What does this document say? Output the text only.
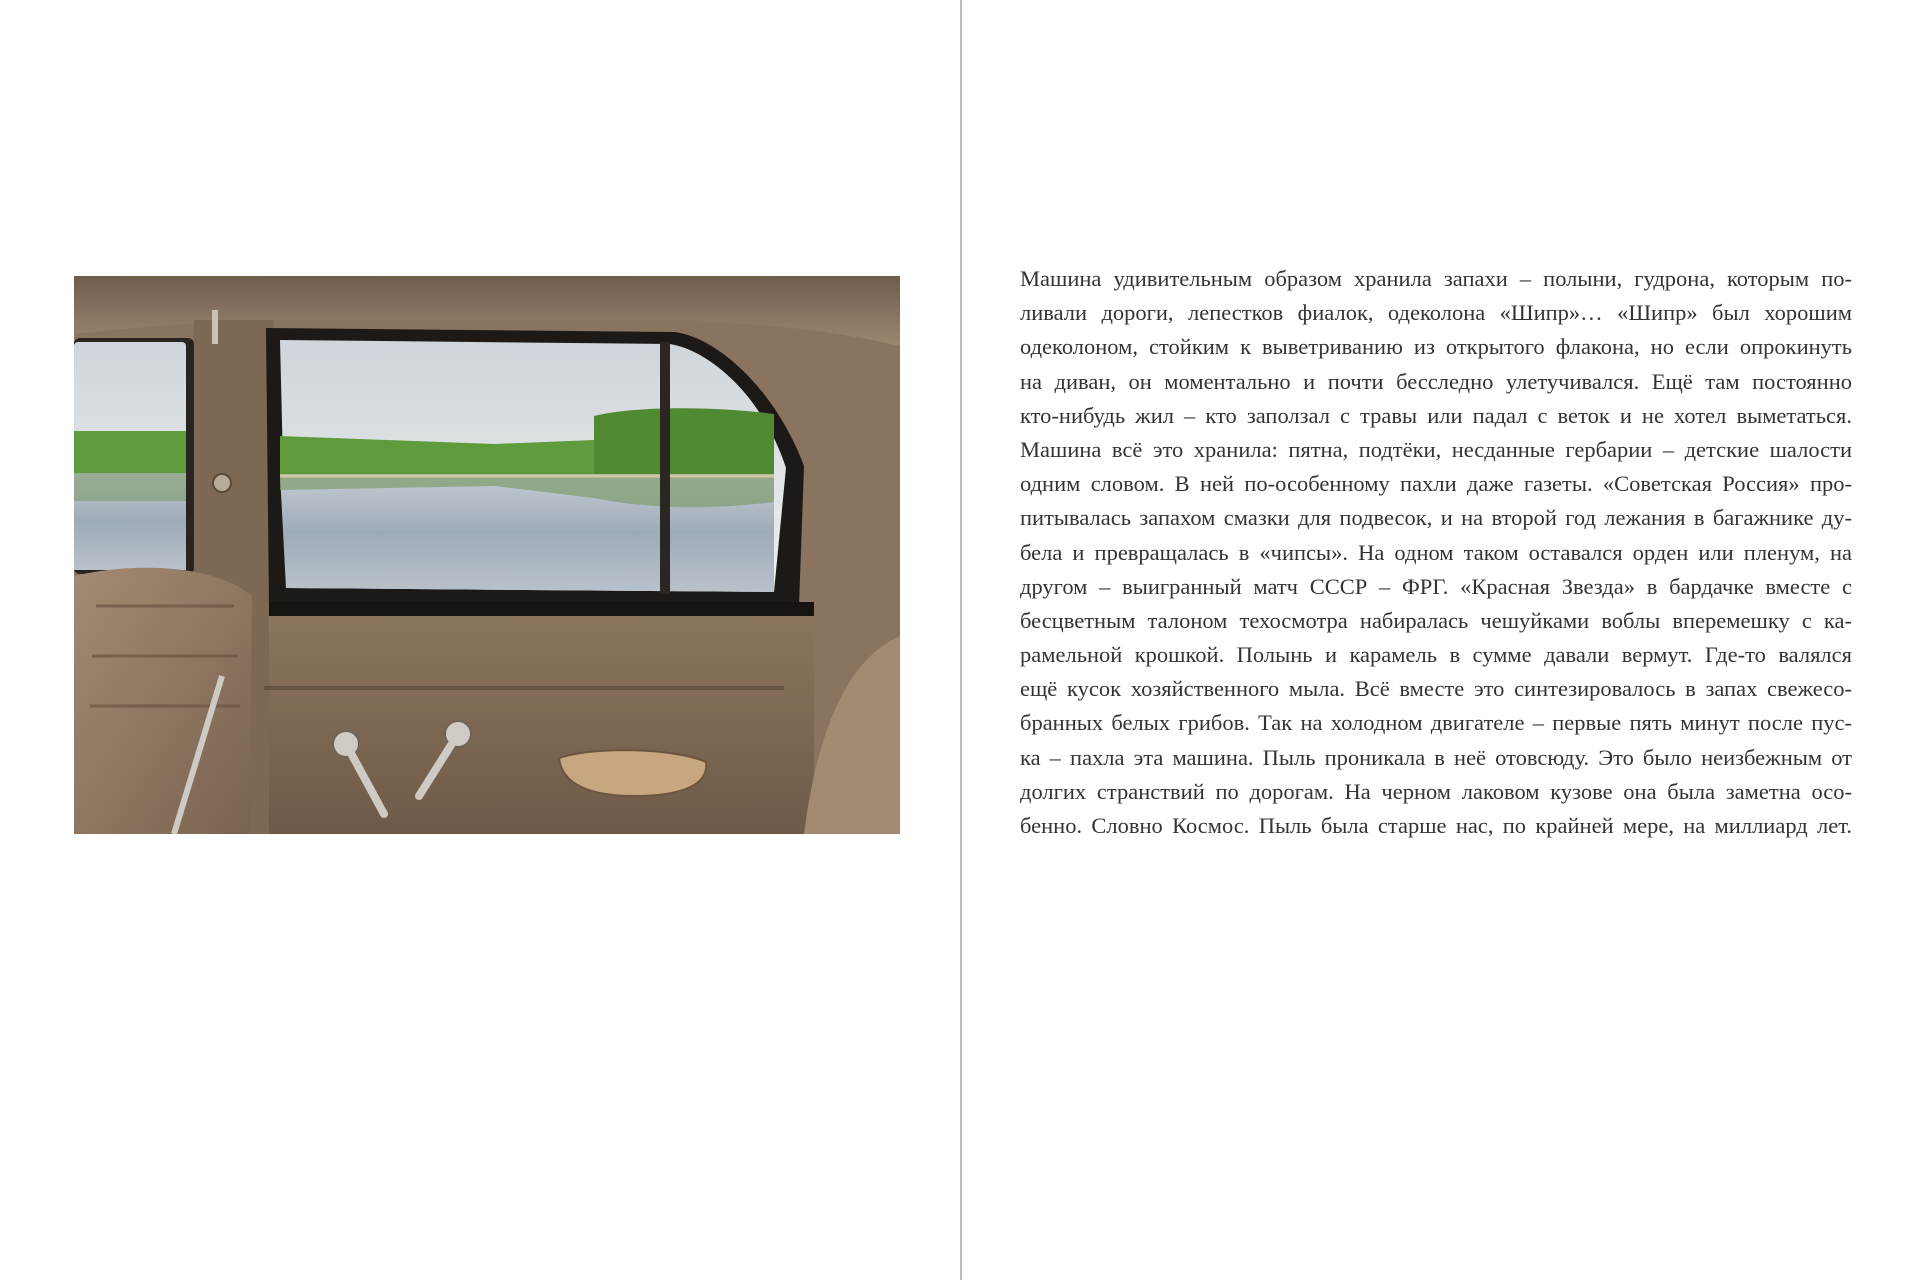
Машина удивительным образом хранила запахи – полыни, гудрона, которым по-
ливали дороги, лепестков фиалок, одеколона «Шипр»… «Шипр» был хорошим
одеколоном, стойким к выветриванию из открытого флакона, но если опрокинуть
на диван, он моментально и почти бесследно улетучивался. Ещё там постоянно
кто-нибудь жил – кто заползал с травы или падал с веток и не хотел выметаться.
Машина всё это хранила: пятна, подтёки, несданные гербарии – детские шалости
одним словом. В ней по-особенному пахли даже газеты. «Советская Россия» про-
питывалась запахом смазки для подвесок, и на второй год лежания в багажнике ду-
бела и превращалась в «чипсы». На одном таком оставался орден или пленум, на
другом – выигранный матч СССР – ФРГ. «Красная Звезда» в бардачке вместе с
бесцветным талоном техосмотра набиралась чешуйками воблы вперемешку с ка-
рамельной крошкой. Полынь и карамель в сумме давали вермут. Где-то валялся
ещё кусок хозяйственного мыла. Всё вместе это синтезировалось в запах свежесо-
бранных белых грибов. Так на холодном двигателе – первые пять минут после пус-
ка – пахла эта машина. Пыль проникала в неё отовсюду. Это было неизбежным от
долгих странствий по дорогам. На черном лаковом кузове она была заметна осо-
бенно. Словно Космос. Пыль была старше нас, по крайней мере, на миллиард лет.
